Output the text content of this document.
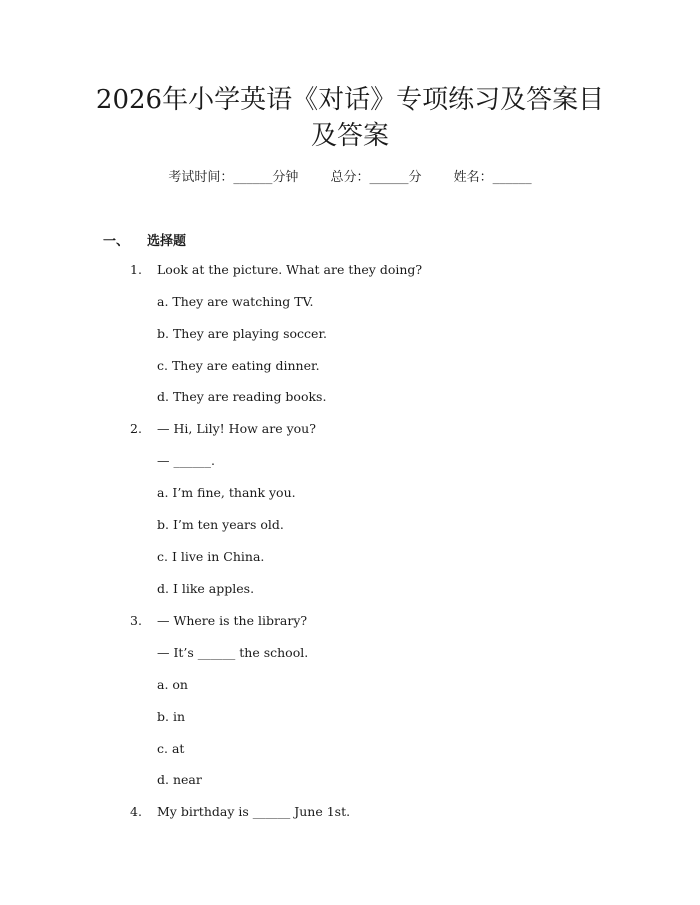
2026年小学英语《对话》专项练习及答案目及答案
考试时间：______分钟 总分：______分 姓名：______
一、 选择题
1. Look at the picture. What are they doing?
a. They are watching TV.
b. They are playing soccer.
c. They are eating dinner.
d. They are reading books.
2. — Hi, Lily! How are you?
— ______.
a. I’m fine, thank you.
b. I’m ten years old.
c. I live in China.
d. I like apples.
3. — Where is the library?
— It’s ______ the school.
a. on
b. in
c. at
d. near
4. My birthday is ______ June 1st.
